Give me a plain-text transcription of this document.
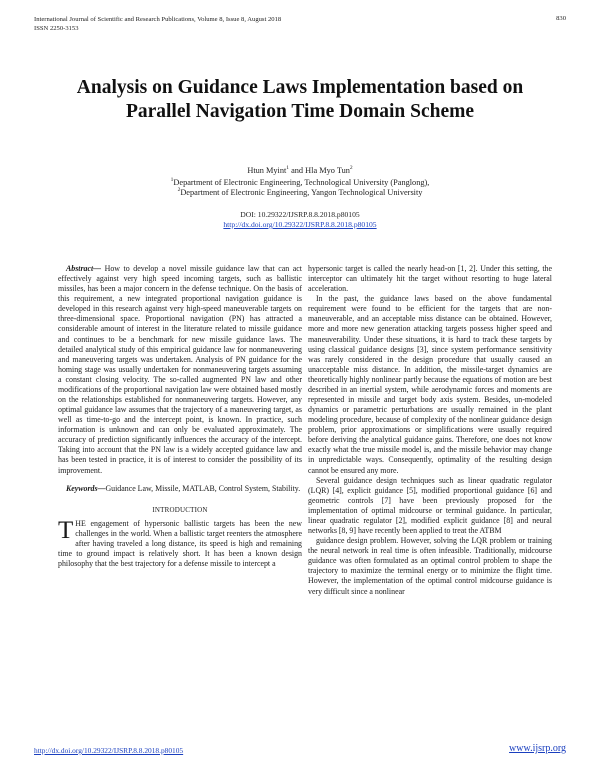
International Journal of Scientific and Research Publications, Volume 8, Issue 8, August 2018
ISSN 2250-3153
830
Analysis on Guidance Laws Implementation based on Parallel Navigation Time Domain Scheme
Htun Myint$^1$ and Hla Myo Tun$^2$
$^1$Department of Electronic Engineering, Technological University (Panglong),
$^2$Department of Electronic Engineering, Yangon Technological University
DOI: 10.29322/IJSRP.8.8.2018.p80105
http://dx.doi.org/10.29322/IJSRP.8.8.2018.p80105

Abstract— How to develop a novel missile guidance law that can act effectively against very high speed incoming targets, such as ballistic missiles, has been a major concern in the defense technique. On the basis of this requirement, a new integrated proportional navigation guidance is developed in this research against very high-speed maneuverable targets on three-dimensional space. Proportional navigation (PN) has attracted a considerable amount of interest in the literature related to missile guidance and continues to be a benchmark for new missile guidance laws. The detailed analytical study of this empirical guidance law for nonmaneuvering and maneuvering targets was undertaken. Analysis of PN guidance for the homing stage was usually undertaken for nonmaneuvering targets assuming a constant closing velocity. The so-called augmented PN law and other modifications of the proportional navigation law were obtained based mostly on the relationships established for nonmaneuvering targets. However, any optimal guidance law assumes that the trajectory of a maneuvering target, as well as time-to-go and the intercept point, is known. In practice, such information is unknown and can only be evaluated approximately. The accuracy of prediction significantly influences the accuracy of the intercept. Taking into account that the PN law is a widely accepted guidance law and has been tested in practice, it is of interest to consider the possibility of its improvement.

Keywords—Guidance Law, Missile, MATLAB, Control System, Stability.

INTRODUCTION

THE engagement of hypersonic ballistic targets has been the new challenges in the world. When a ballistic target reenters the atmosphere after having traveled a long distance, its speed is high and remaining time to ground impact is relatively short. It has been a known design philosophy that the best trajectory for a defense missile to intercept a

hypersonic target is called the nearly head-on [1, 2]. Under this setting, the interceptor can ultimately hit the target without resorting to huge lateral acceleration.

In the past, the guidance laws based on the above fundamental requirement were found to be efficient for the targets that are non-maneuverable, and an acceptable miss distance can be obtained. However, more and more new generation attacking targets possess higher speed and maneuverability. Under these situations, it is hard to track these targets by using classical guidance designs [3], since system performance sensitivity was rarely considered in the design procedure that usually caused an unacceptable miss distance. In addition, the missile-target dynamics are theoretically highly nonlinear partly because the equations of motion are best described in an inertial system, while aerodynamic forces and moments are represented in missile and target body axis system. Besides, un-modeled dynamics or parametric perturbations are usually remained in the plant modeling procedure, because of complexity of the nonlinear guidance design problem, prior approximations or simplifications were usually required before deriving the analytical guidance gains. Therefore, one does not know exactly what the true missile model is, and the missile behavior may change in unpredictable ways. Consequently, optimality of the resulting design cannot be ensured any more.

Several guidance design techniques such as linear quadratic regulator (LQR) [4], explicit guidance [5], modified proportional guidance [6] and geometric controls [7] have been previously proposed for the implementation of optimal midcourse or terminal guidance. In particular, linear quadratic regulator [2], modified explicit guidance [8] and neural networks [8, 9] have recently been applied to treat the ATBM

guidance design problem. However, solving the LQR problem or training the neural network in real time is often infeasible. Traditionally, midcourse guidance was often formulated as an optimal control problem to shape the trajectory to maximize the terminal energy or to minimize the flight time. However, the implementation of the optimal control midcourse guidance is very difficult since a nonlinear

http://dx.doi.org/10.29322/IJSRP.8.8.2018.p80105	www.ijsrp.org
